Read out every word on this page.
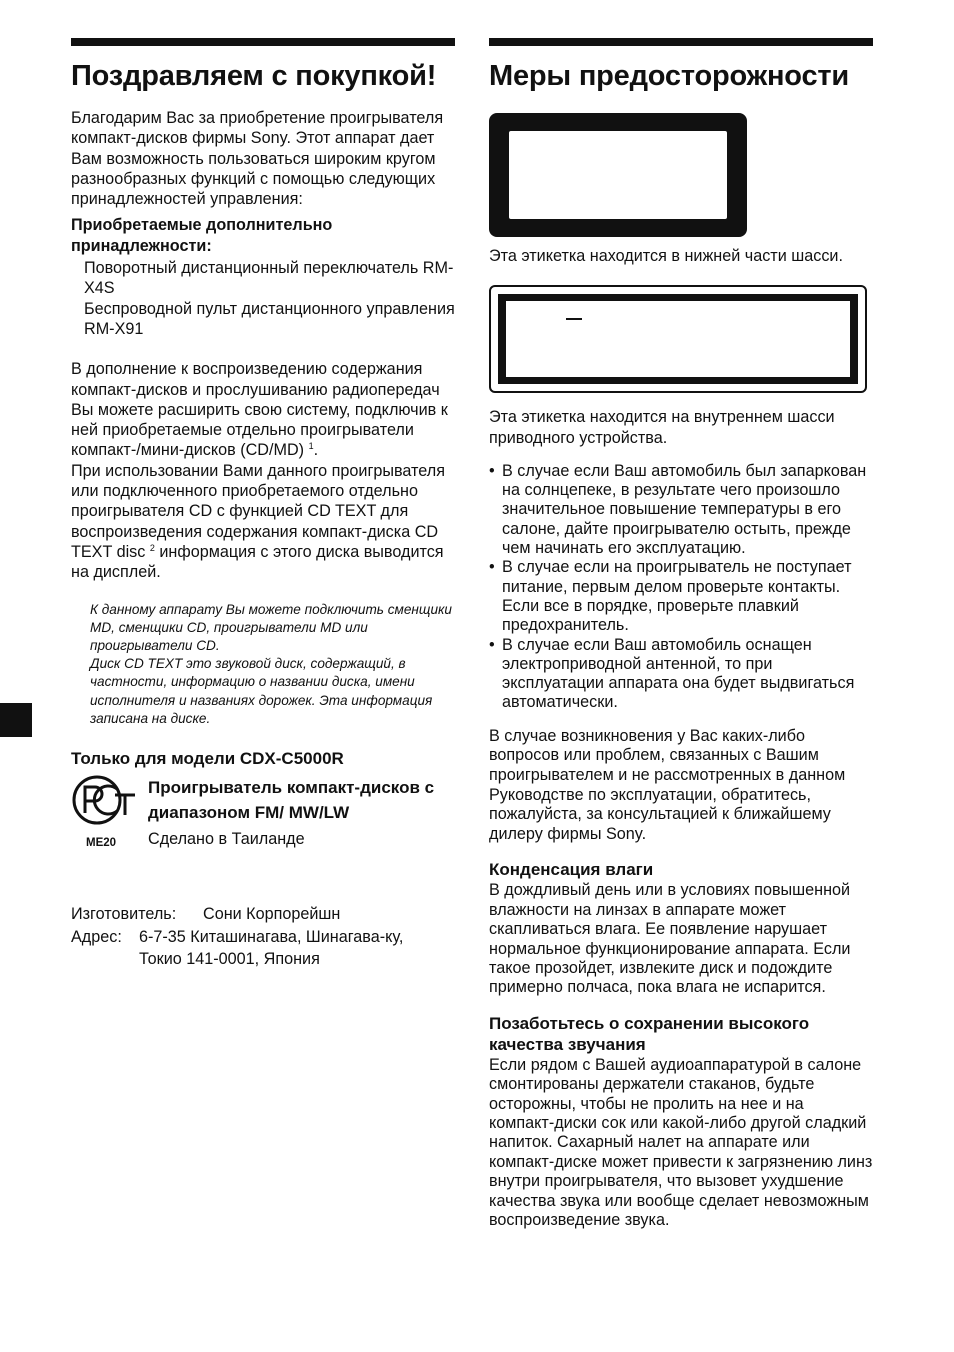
Поздравляем с покупкой!

Благодарим Вас за приобретение проигрывателя компакт-дисков фирмы Sony. Этот аппарат дает Вам возможность пользоваться широким кругом разнообразных функций с помощью следующих принадлежностей управления:

Приобретаемые дополнительно принадлежности:

Поворотный дистанционный переключатель RM-X4S

Беспроводной пульт дистанционного управления RM-X91

В дополнение к воспроизведению содержания компакт-дисков и прослушиванию радиопередач Вы можете расширить свою систему, подключив к ней приобретаемые отдельно проигрыватели компакт-/мини-дисков (CD/MD) $^1$.

При использовании Вами данного проигрывателя или подключенного приобретаемого отдельно проигрывателя CD с функцией CD TEXT для воспроизведения содержания компакт-диска CD TEXT disc $^2$ информация с этого диска выводится на дисплей.

К данному аппарату Вы можете подключить сменщики MD, сменщики CD, проигрыватели MD или проигрыватели CD.

Диск CD TEXT это звуковой диск, содержащий, в частности, информацию о названии диска, имени исполнителя и названиях дорожек. Эта информация записана на диске.

Только для модели CDX-C5000R
ME20
Проигрыватель компакт-дисков с диапазоном FM/ MW/LW

Сделано в Таиланде

Изготовитель:	Сони Корпорейшн
Адрес:	6-7-35 Киташинагава, Шинагава-ку,
Токио 141-0001, Япония
Меры предосторожности

Эта этикетка находится в нижней части шасси.

Эта этикетка находится на внутреннем шасси приводного устройства.

• В случае если Ваш автомобиль был запаркован на солнцепеке, в результате чего произошло значительное повышение температуры в его салоне, дайте проигрывателю остыть, прежде чем начинать его эксплуатацию.
• В случае если на проигрыватель не поступает питание, первым делом проверьте контакты. Если все в порядке, проверьте плавкий предохранитель.
• В случае если Ваш автомобиль оснащен электроприводной антенной, то при эксплуатации аппарата она будет выдвигаться автоматически.

В случае возникновения у Вас каких-либо вопросов или проблем, связанных с Вашим проигрывателем и не рассмотренных в данном Руководстве по эксплуатации, обратитесь, пожалуйста, за консультацией к ближайшему дилеру фирмы Sony.

Конденсация влаги

В дождливый день или в условиях повышенной влажности на линзах в аппарате может скапливаться влага. Ее появление нарушает нормальное функционирование аппарата. Если такое прозойдет, извлеките диск и подождите примерно полчаса, пока влага не испарится.

Позаботьтесь о сохранении высокого качества звучания

Если рядом с Вашей аудиоаппаратурой в салоне смонтированы держатели стаканов, будьте осторожны, чтобы не пролить на нее и на компакт-диски сок или какой-либо другой сладкий напиток. Сахарный налет на аппарате или компакт-диске может привести к загрязнению линз внутри проигрывателя, что вызовет ухудшение качества звука или вообще сделает невозможным воспроизведение звука.
